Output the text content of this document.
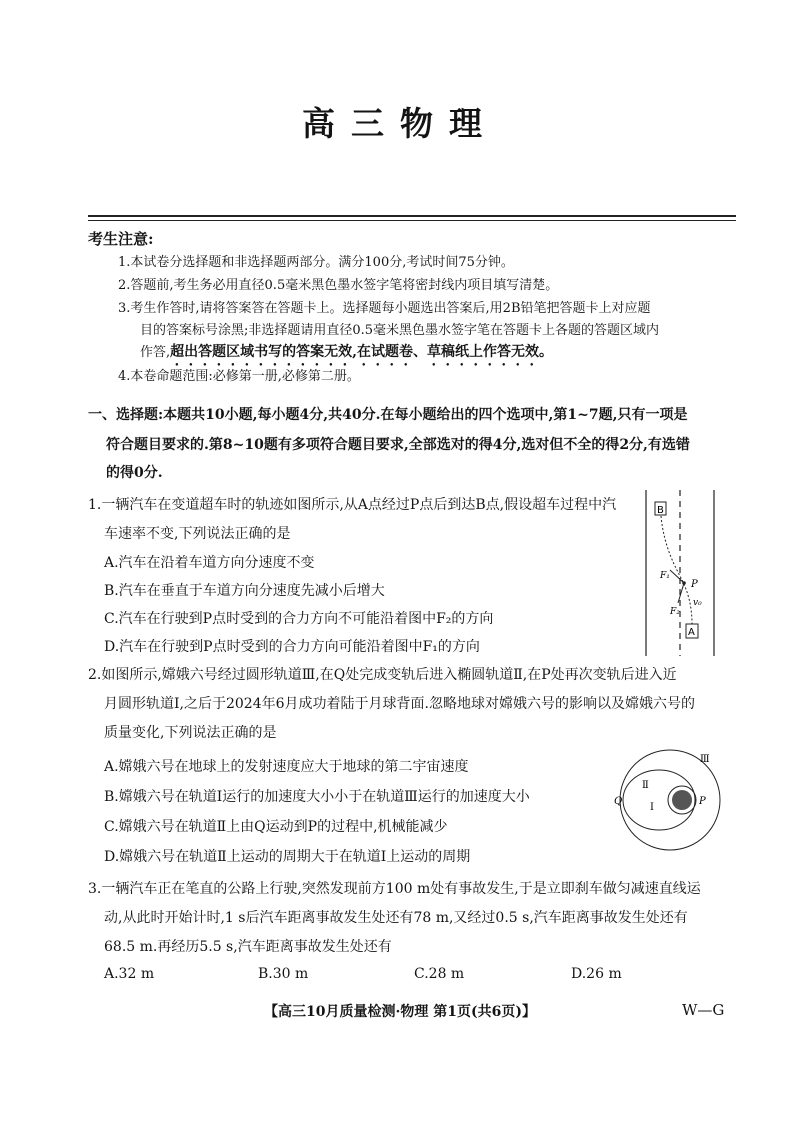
高三物理
考生注意:
1.本试卷分选择题和非选择题两部分。满分100分,考试时间75分钟。
2.答题前,考生务必用直径0.5毫米黑色墨水签字笔将密封线内项目填写清楚。
3.考生作答时,请将答案答在答题卡上。选择题每小题选出答案后,用2B铅笔把答题卡上对应题
目的答案标号涂黑;非选择题请用直径0.5毫米黑色墨水签字笔在答题卡上各题的答题区域内
作答,超出答题区域书写的答案无效,在试题卷、草稿纸上作答无效。
4.本卷命题范围:必修第一册,必修第二册。
一、选择题:本题共10小题,每小题4分,共40分.在每小题给出的四个选项中,第1~7题,只有一项是
符合题目要求的.第8~10题有多项符合题目要求,全部选对的得4分,选对但不全的得2分,有选错
的得0分.
1.一辆汽车在变道超车时的轨迹如图所示,从A点经过P点后到达B点,假设超车过程中汽
车速率不变,下列说法正确的是
A.汽车在沿着车道方向分速度不变
B.汽车在垂直于车道方向分速度先减小后增大
C.汽车在行驶到P点时受到的合力方向不可能沿着图中F₂的方向
D.汽车在行驶到P点时受到的合力方向可能沿着图中F₁的方向
B
A
P
F₁
F₂
v₀
2.如图所示,嫦娥六号经过圆形轨道Ⅲ,在Q处完成变轨后进入椭圆轨道Ⅱ,在P处再次变轨后进入近
月圆形轨道Ⅰ,之后于2024年6月成功着陆于月球背面.忽略地球对嫦娥六号的影响以及嫦娥六号的
质量变化,下列说法正确的是
A.嫦娥六号在地球上的发射速度应大于地球的第二宇宙速度
B.嫦娥六号在轨道Ⅰ运行的加速度大小小于在轨道Ⅲ运行的加速度大小
C.嫦娥六号在轨道Ⅱ上由Q运动到P的过程中,机械能减少
D.嫦娥六号在轨道Ⅱ上运动的周期大于在轨道Ⅰ上运动的周期
Ⅲ
Ⅱ
Ⅰ
Q	P
3.一辆汽车正在笔直的公路上行驶,突然发现前方100 m处有事故发生,于是立即刹车做匀减速直线运
动,从此时开始计时,1 s后汽车距离事故发生处还有78 m,又经过0.5 s,汽车距离事故发生处还有
68.5 m.再经历5.5 s,汽车距离事故发生处还有
A.32 m	B.30 m	C.28 m	D.26 m
【高三10月质量检测·物理 第1页(共6页)】	W—G
